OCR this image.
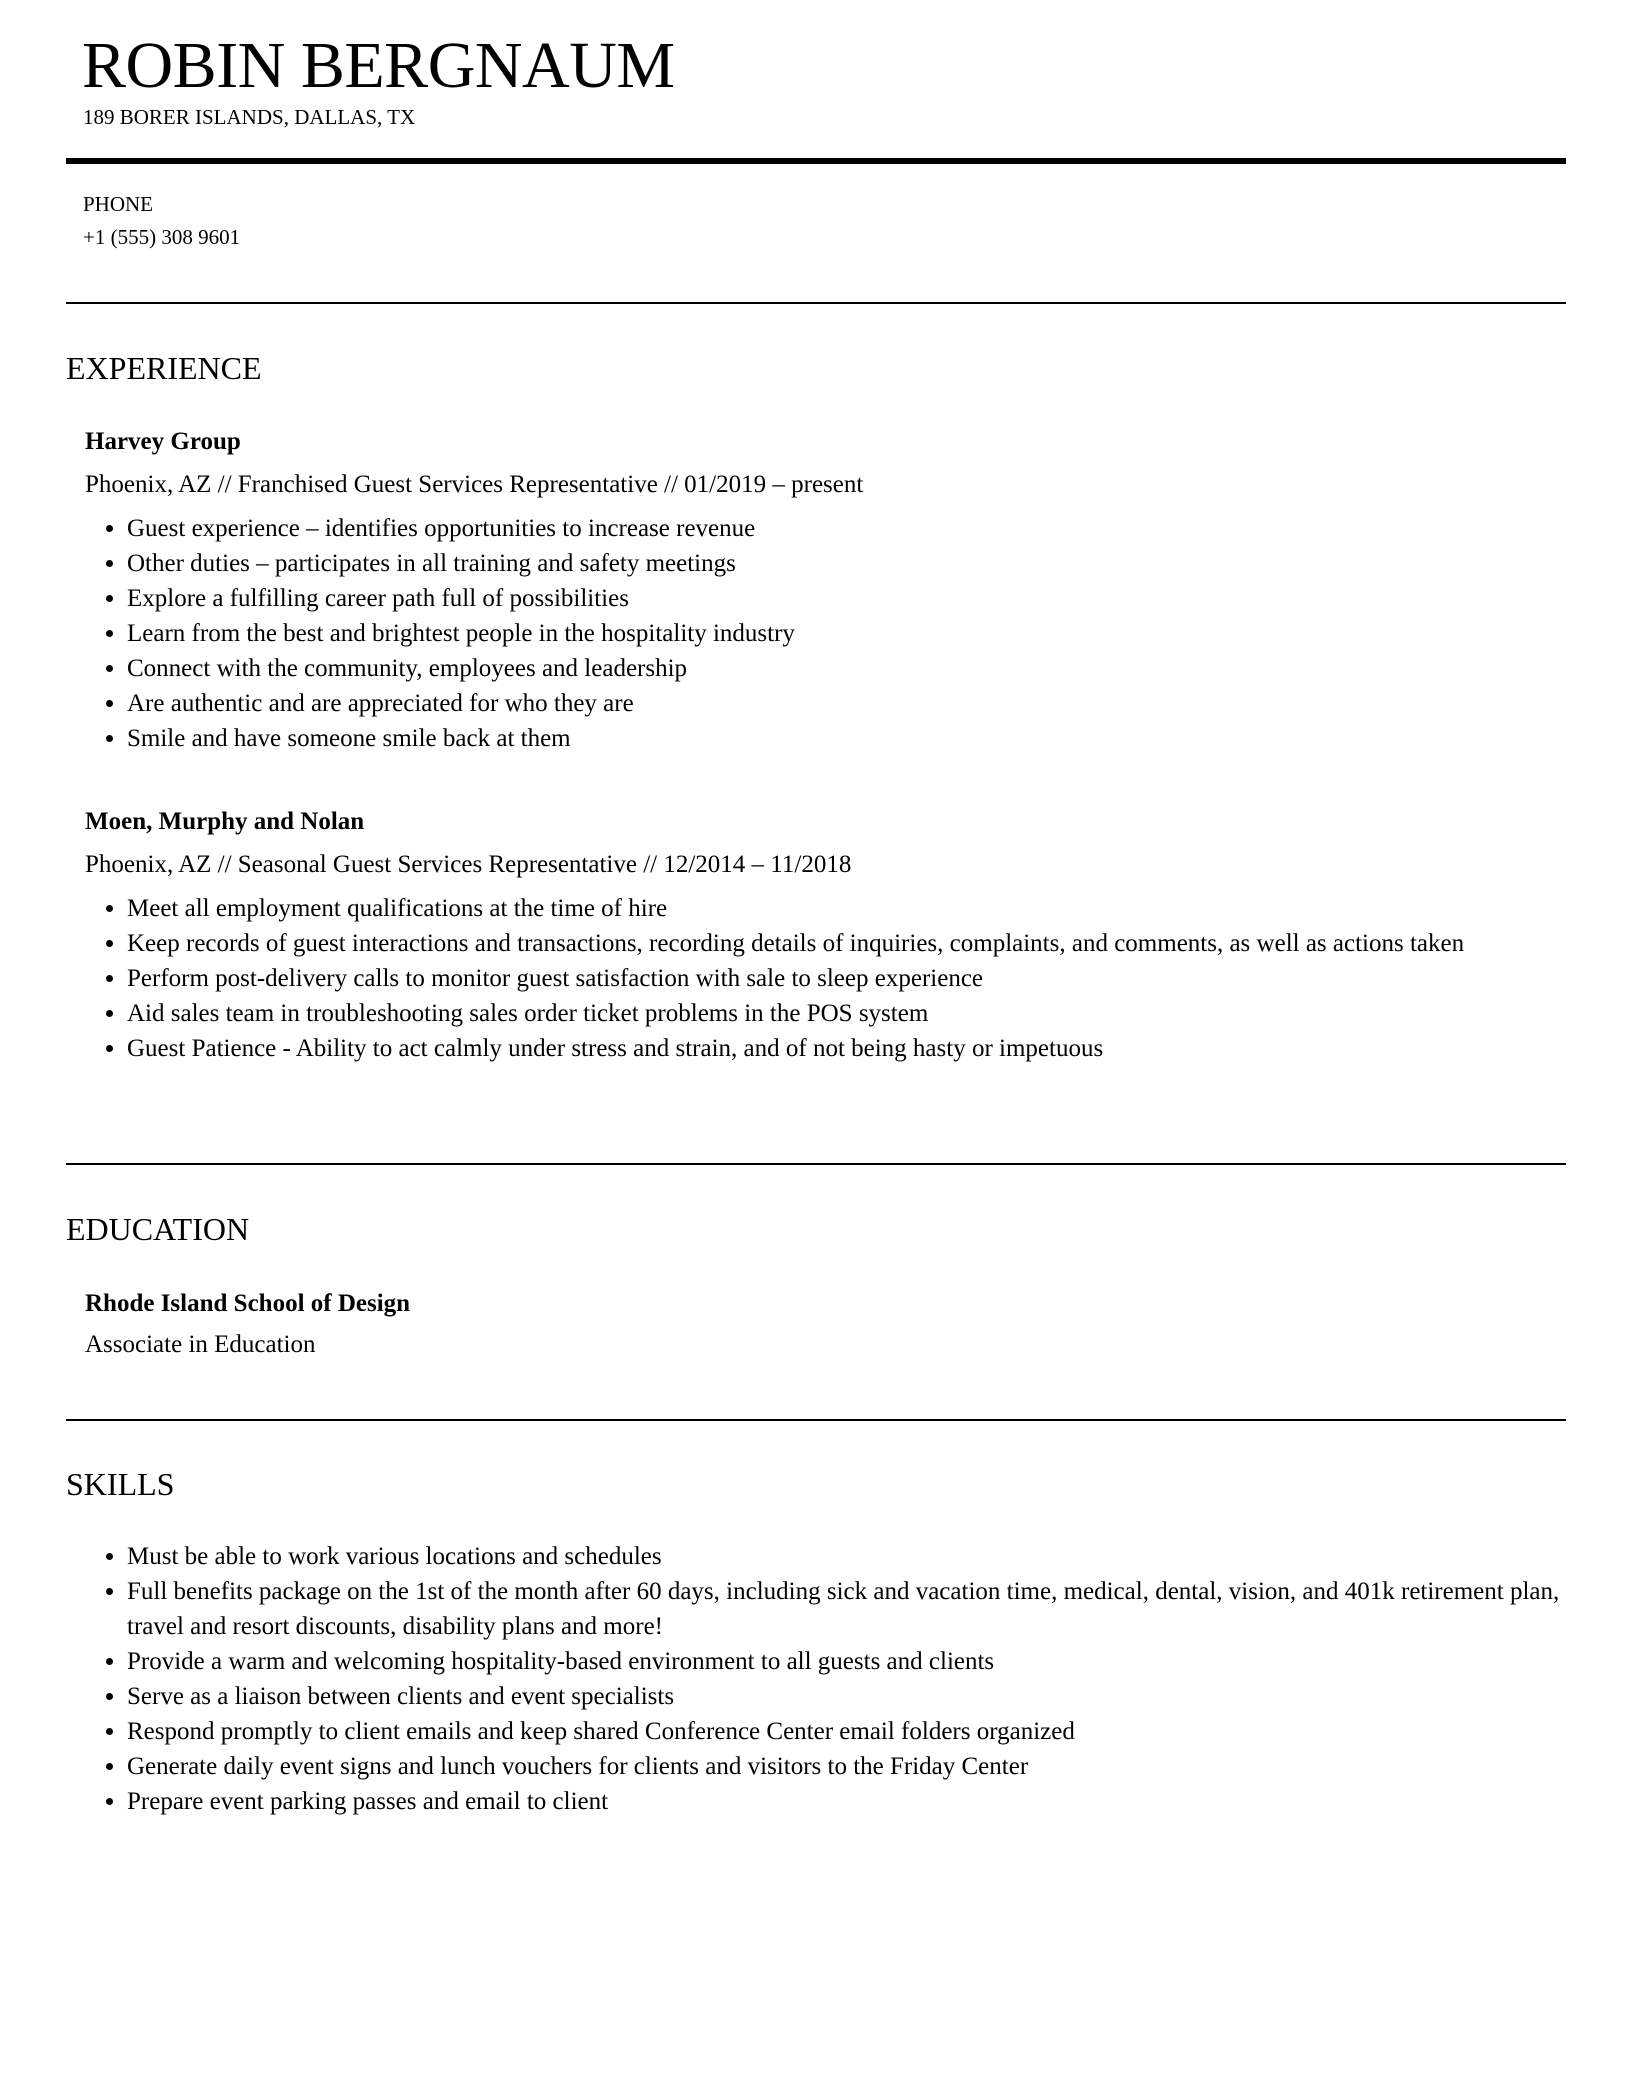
ROBIN BERGNAUM
189 BORER ISLANDS, DALLAS, TX
PHONE
+1 (555) 308 9601
EXPERIENCE
Harvey Group
Phoenix, AZ // Franchised Guest Services Representative // 01/2019 – present
• Guest experience – identifies opportunities to increase revenue
• Other duties – participates in all training and safety meetings
• Explore a fulfilling career path full of possibilities
• Learn from the best and brightest people in the hospitality industry
• Connect with the community, employees and leadership
• Are authentic and are appreciated for who they are
• Smile and have someone smile back at them
Moen, Murphy and Nolan
Phoenix, AZ // Seasonal Guest Services Representative // 12/2014 – 11/2018
• Meet all employment qualifications at the time of hire
• Keep records of guest interactions and transactions, recording details of inquiries, complaints, and comments, as well as actions taken
• Perform post-delivery calls to monitor guest satisfaction with sale to sleep experience
• Aid sales team in troubleshooting sales order ticket problems in the POS system
• Guest Patience - Ability to act calmly under stress and strain, and of not being hasty or impetuous
EDUCATION
Rhode Island School of Design
Associate in Education
SKILLS
• Must be able to work various locations and schedules
• Full benefits package on the 1st of the month after 60 days, including sick and vacation time, medical, dental, vision, and 401k retirement plan, travel and resort discounts, disability plans and more!
• Provide a warm and welcoming hospitality-based environment to all guests and clients
• Serve as a liaison between clients and event specialists
• Respond promptly to client emails and keep shared Conference Center email folders organized
• Generate daily event signs and lunch vouchers for clients and visitors to the Friday Center
• Prepare event parking passes and email to client
